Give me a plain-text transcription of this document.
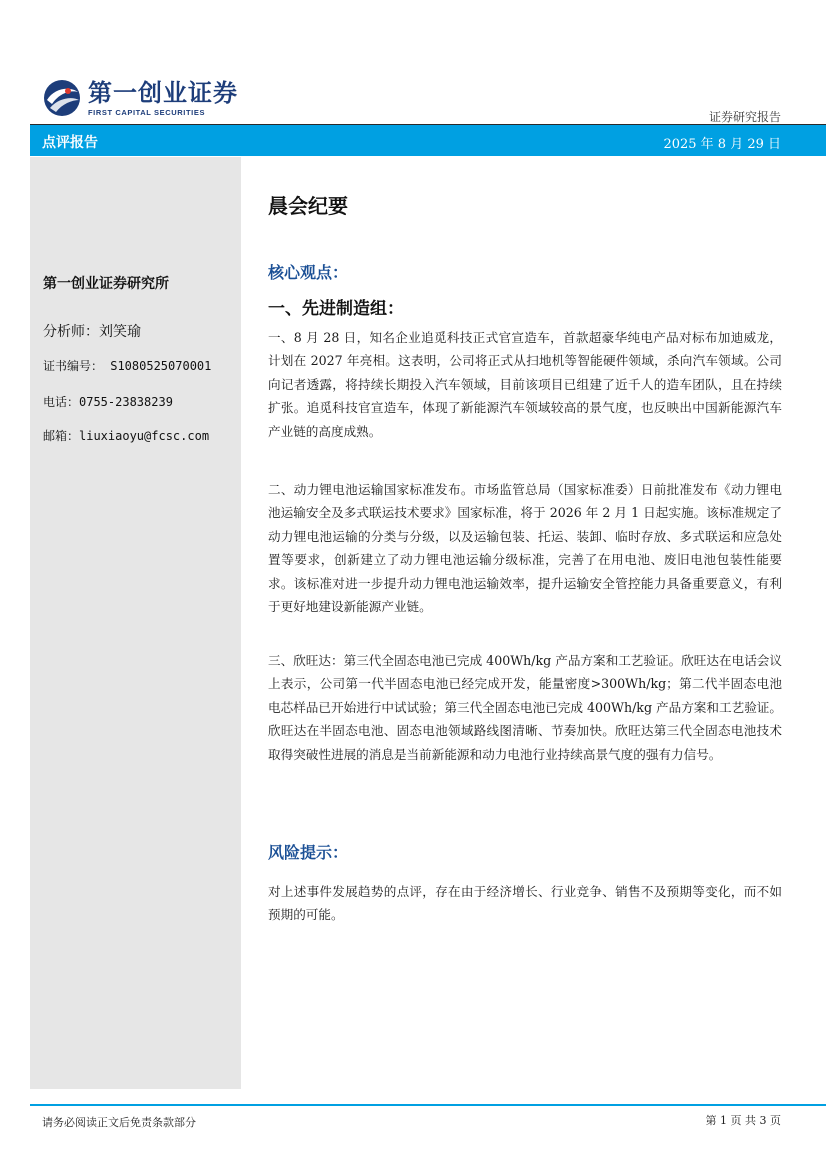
第一创业证券
FIRST CAPITAL SECURITIES	证券研究报告
点评报告	2025 年 8 月 29 日
第一创业证券研究所
分析师：刘笑瑜
证书编号： S1080525070001
电话：0755-23838239
邮箱：liuxiaoyu@fcsc.com
晨会纪要
核心观点：
一、先进制造组：
一、8 月 28 日，知名企业追觅科技正式官宣造车，首款超豪华纯电产品对标布加迪威龙，计划在 2027 年亮相。这表明，公司将正式从扫地机等智能硬件领域，杀向汽车领域。公司向记者透露，将持续长期投入汽车领域，目前该项目已组建了近千人的造车团队，且在持续扩张。追觅科技官宣造车，体现了新能源汽车领域较高的景气度，也反映出中国新能源汽车产业链的高度成熟。
二、动力锂电池运输国家标准发布。市场监管总局（国家标准委）日前批准发布《动力锂电池运输安全及多式联运技术要求》国家标准，将于 2026 年 2 月 1 日起实施。该标准规定了动力锂电池运输的分类与分级，以及运输包装、托运、装卸、临时存放、多式联运和应急处置等要求，创新建立了动力锂电池运输分级标准，完善了在用电池、废旧电池包装性能要求。该标准对进一步提升动力锂电池运输效率，提升运输安全管控能力具备重要意义，有利于更好地建设新能源产业链。
三、欣旺达：第三代全固态电池已完成 400Wh/kg 产品方案和工艺验证。欣旺达在电话会议上表示，公司第一代半固态电池已经完成开发，能量密度>300Wh/kg；第二代半固态电池电芯样品已开始进行中试试验；第三代全固态电池已完成 400Wh/kg 产品方案和工艺验证。欣旺达在半固态电池、固态电池领域路线图清晰、节奏加快。欣旺达第三代全固态电池技术取得突破性进展的消息是当前新能源和动力电池行业持续高景气度的强有力信号。
风险提示：
对上述事件发展趋势的点评，存在由于经济增长、行业竞争、销售不及预期等变化，而不如预期的可能。
请务必阅读正文后免责条款部分	第 1 页 共 3 页
